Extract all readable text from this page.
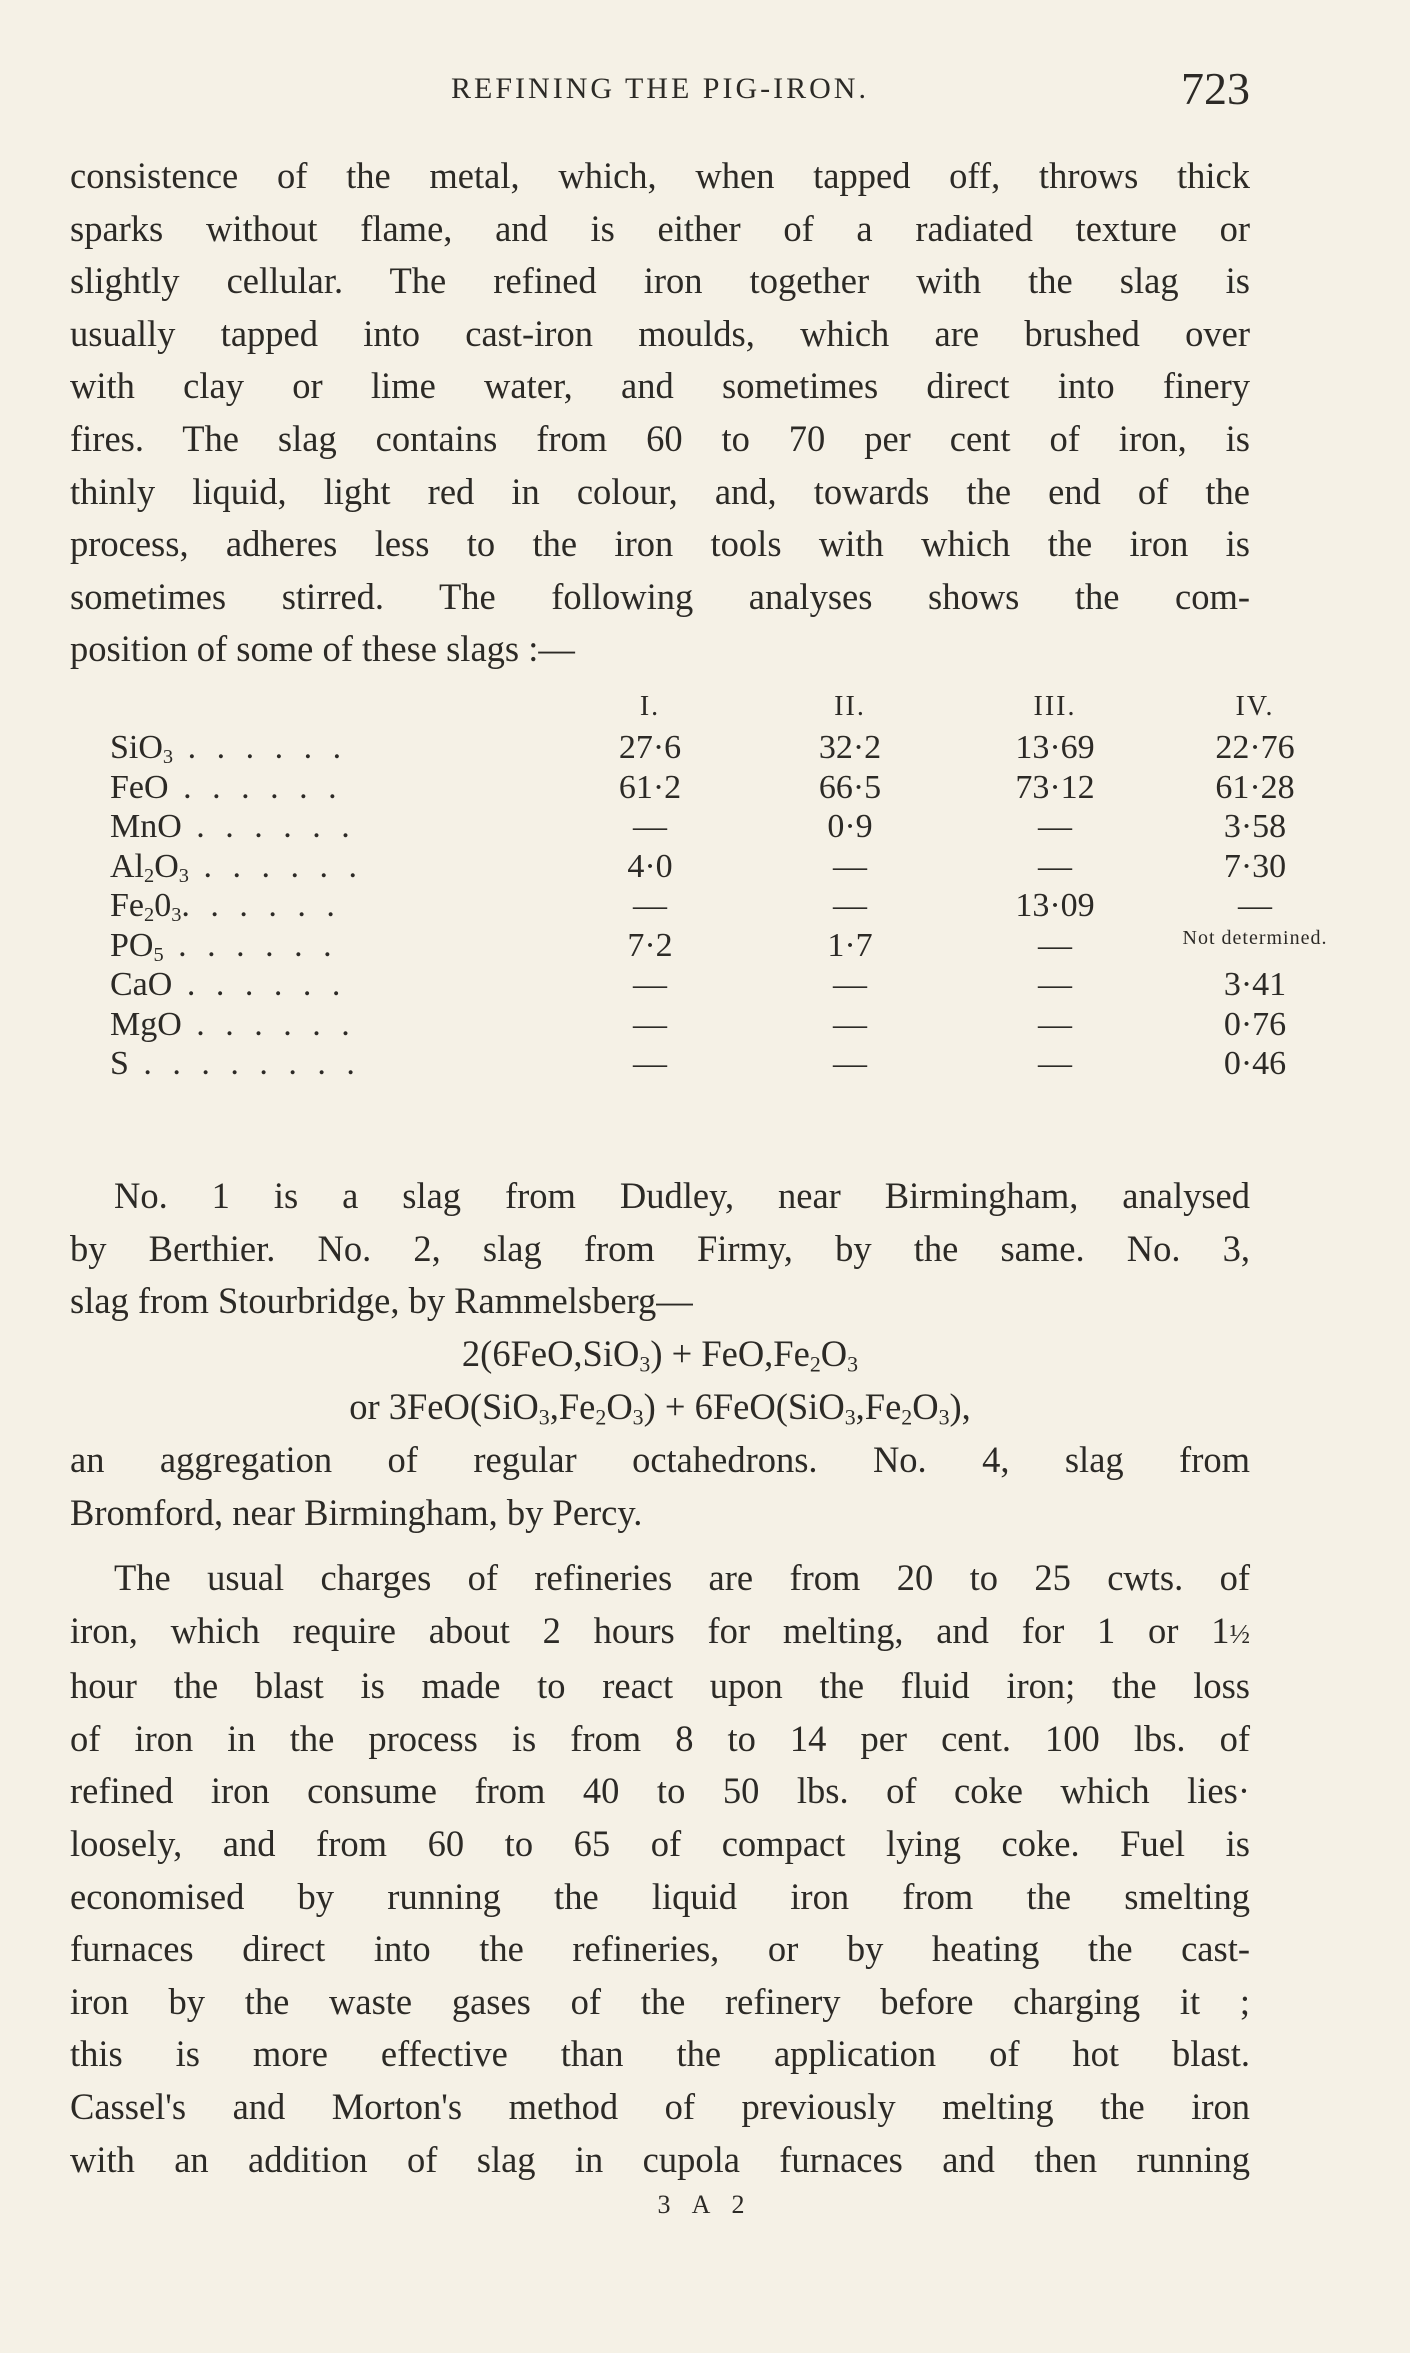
REFINING THE PIG-IRON.	723
consistence of the metal, which, when tapped off, throws thick
sparks without flame, and is either of a radiated texture or
slightly cellular. The refined iron together with the slag is
usually tapped into cast-iron moulds, which are brushed over
with clay or lime water, and sometimes direct into finery
fires. The slag contains from 60 to 70 per cent of iron, is
thinly liquid, light red in colour, and, towards the end of the
process, adheres less to the iron tools with which the iron is
sometimes stirred. The following analyses shows the com-
position of some of these slags :—
I.	II.	III.	IV.
SiO$_3$ . . . . . .	27·6	32·2	13·69	22·76
FeO . . . . . .	61·2	66·5	73·12	61·28
MnO . . . . . .	—	0·9	—	3·58
$Al_2O_3$ . . . . . .	4·0	—	—	7·30
$Fe_20_3$. . . . . .	—	—	13·09	—
$PO_5$ . . . . . .	7·2	1·7	—	Not determined.
CaO . . . . . .	—	—	—	3·41
MgO . . . . . .	—	—	—	0·76
S . . . . . . . .	—	—	—	0·46
No. 1 is a slag from Dudley, near Birmingham, analysed
by Berthier. No. 2, slag from Firmy, by the same. No. 3,
slag from Stourbridge, by Rammelsberg—
$2(6FeO,SiO_3) + FeO,Fe_2O_3$
or $3FeO(SiO_3,Fe_2O_3) + 6FeO(SiO_3,Fe_2O_3)$,
an aggregation of regular octahedrons. No. 4, slag from
Bromford, near Birmingham, by Percy.
The usual charges of refineries are from 20 to 25 cwts. of
iron, which require about 2 hours for melting, and for 1 or 1½
hour the blast is made to react upon the fluid iron; the loss
of iron in the process is from 8 to 14 per cent. 100 lbs. of
refined iron consume from 40 to 50 lbs. of coke which lies·
loosely, and from 60 to 65 of compact lying coke. Fuel is
economised by running the liquid iron from the smelting
furnaces direct into the refineries, or by heating the cast-
iron by the waste gases of the refinery before charging it ;
this is more effective than the application of hot blast.
Cassel's and Morton's method of previously melting the iron
with an addition of slag in cupola furnaces and then running
3 A 2
